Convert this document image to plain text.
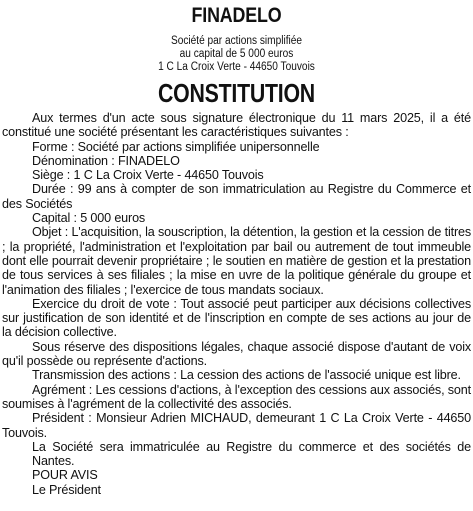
FINADELO
Société par actions simplifiée
au capital de 5 000 euros
1 C La Croix Verte - 44650 Touvois
CONSTITUTION

Aux termes d'un acte sous signature électronique du 11 mars 2025, il a été constitué une société présentant les caractéristiques suivantes :

Forme : Société par actions simplifiée unipersonnelle

Dénomination : FINADELO

Siège : 1 C La Croix Verte - 44650 Touvois

Durée : 99 ans à compter de son immatriculation au Registre du Commerce et des Sociétés

Capital : 5 000 euros

Objet : L'acquisition, la souscription, la détention, la gestion et la cession de titres ; la propriété, l'administration et l'exploitation par bail ou autrement de tout immeuble dont elle pourrait devenir propriétaire ; le soutien en matière de gestion et la prestation de tous services à ses filiales ; la mise en uvre de la politique générale du groupe et l'animation des filiales ; l'exercice de tous mandats sociaux.

Exercice du droit de vote : Tout associé peut participer aux décisions collectives sur justification de son identité et de l'inscription en compte de ses actions au jour de la décision collective.

Sous réserve des dispositions légales, chaque associé dispose d'autant de voix qu'il possède ou représente d'actions.

Transmission des actions : La cession des actions de l'associé unique est libre.

Agrément : Les cessions d'actions, à l'exception des cessions aux associés, sont soumises à l'agrément de la collectivité des associés.

Président : Monsieur Adrien MICHAUD, demeurant 1 C La Croix Verte - 44650 Touvois.

La Société sera immatriculée au Registre du commerce et des sociétés de Nantes.

POUR AVIS

Le Président
